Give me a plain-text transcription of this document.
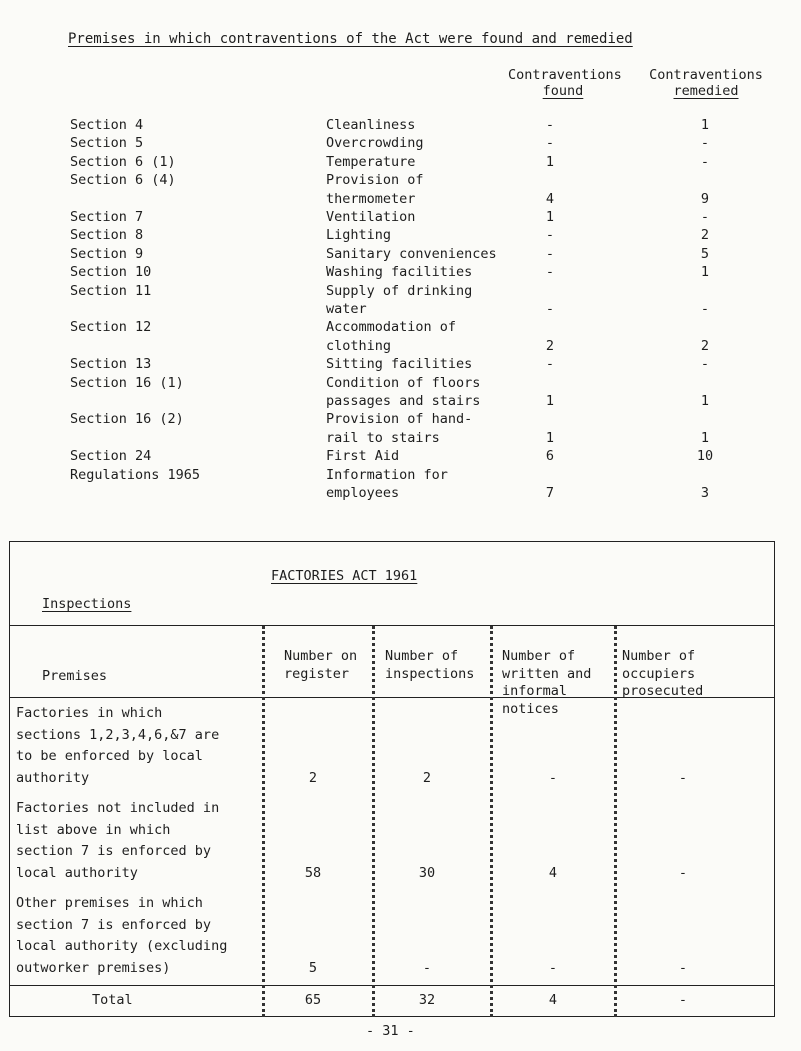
Premises in which contraventions of the Act were found and remedied
Contraventions
found
Contraventions
remedied
Section 4	Cleanliness	-	1
Section 5	Overcrowding	-	-
Section 6 (1)	Temperature	1	-
Section 6 (4)	Provision of
thermometer	4	9
Section 7	Ventilation	1	-
Section 8	Lighting	-	2
Section 9	Sanitary conveniences	-	5
Section 10	Washing facilities	-	1
Section 11	Supply of drinking
water	-	-
Section 12	Accommodation of
clothing	2	2
Section 13	Sitting facilities	-	-
Section 16 (1)	Condition of floors
passages and stairs	1	1
Section 16 (2)	Provision of hand-
rail to stairs	1	1
Section 24	First Aid	6	10
Regulations 1965	Information for
employees	7	3
FACTORIES ACT 1961
Inspections
Premises
Number on
register
Number of
inspections
Number of
written and
informal
notices
Number of
occupiers
prosecuted
Factories in which
sections 1,2,3,4,6,&7 are
to be enforced by local
authority	2	2	-	-
Factories not included in
list above in which
section 7 is enforced by
local authority	58	30	4	-
Other premises in which
section 7 is enforced by
local authority (excluding
outworker premises)	5	-	-	-
Total	65	32	4	-
- 31 -
